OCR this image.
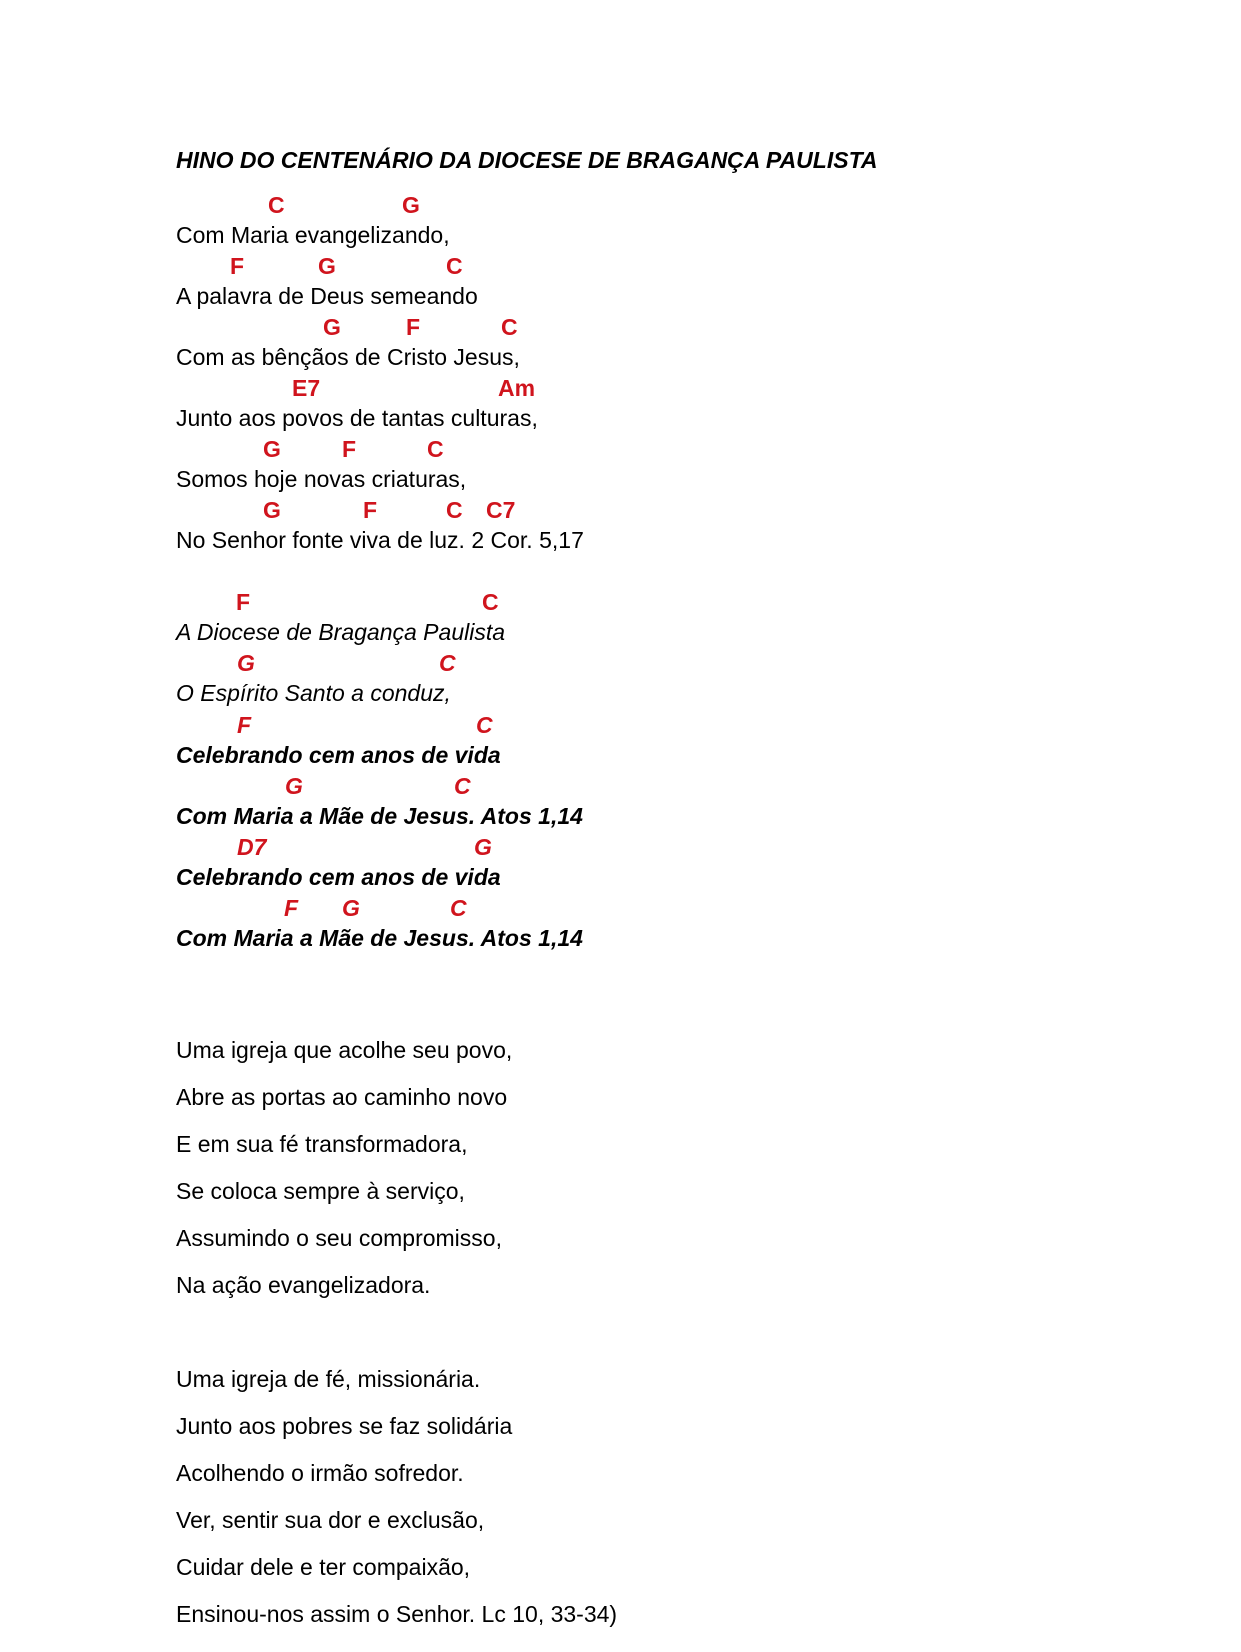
HINO DO CENTENÁRIO DA DIOCESE DE BRAGANÇA PAULISTA
C	G
Com Maria evangelizando,
F	G	C
A palavra de Deus semeando
G	F	C
Com as bênçãos de Cristo Jesus,
E7	Am
Junto aos povos de tantas culturas,
G	F	C
Somos hoje novas criaturas,
G	F	C C7
No Senhor fonte viva de luz. 2 Cor. 5,17
F	C
A Diocese de Bragança Paulista
G	C
O Espírito Santo a conduz,
F	C
Celebrando cem anos de vida
G	C
Com Maria a Mãe de Jesus. Atos 1,14
D7	G
Celebrando cem anos de vida
F G	C
Com Maria a Mãe de Jesus. Atos 1,14
Uma igreja que acolhe seu povo,
Abre as portas ao caminho novo
E em sua fé transformadora,
Se coloca sempre à serviço,
Assumindo o seu compromisso,
Na ação evangelizadora.
Uma igreja de fé, missionária.
Junto aos pobres se faz solidária
Acolhendo o irmão sofredor.
Ver, sentir sua dor e exclusão,
Cuidar dele e ter compaixão,
Ensinou-nos assim o Senhor. Lc 10, 33-34)
